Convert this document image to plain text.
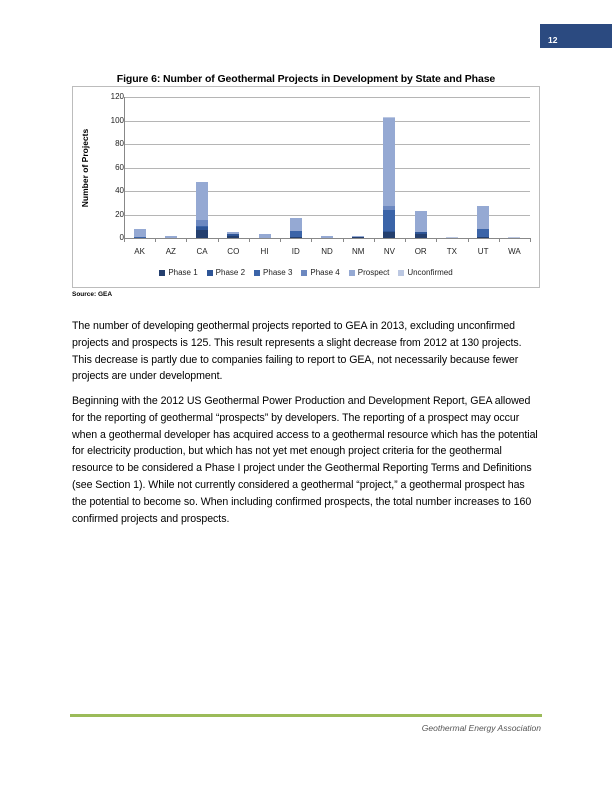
12
Figure 6: Number of Geothermal Projects in Development by State and Phase
0
20
40
60
80
100
120
AK	AZ	CA	CO	HI	ID	ND	NM	NV	OR	TX	UT	WA
Number of Projects
Phase 1 Phase 2 Phase 3 Phase 4 Prospect Unconfirmed
Source: GEA

The number of developing geothermal projects reported to GEA in 2013, excluding unconfirmed projects and prospects is 125. This result represents a slight decrease from 2012 at 130 projects. This decrease is partly due to companies failing to report to GEA, not necessarily because fewer projects are under development.

Beginning with the 2012 US Geothermal Power Production and Development Report, GEA allowed for the reporting of geothermal “prospects” by developers. The reporting of a prospect may occur when a geothermal developer has acquired access to a geothermal resource which has the potential for electricity production, but which has not yet met enough project criteria for the geothermal resource to be considered a Phase I project under the Geothermal Reporting Terms and Definitions (see Section 1). While not currently considered a geothermal “project,” a geothermal prospect has the potential to become so. When including confirmed prospects, the total number increases to 160 confirmed projects and prospects.

Geothermal Energy Association
